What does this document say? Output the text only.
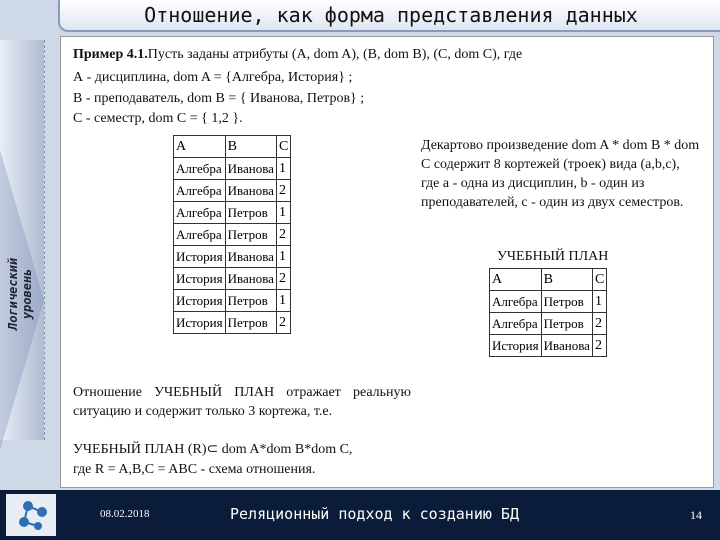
Отношение, как форма представления данных
Логический уровень
Пример 4.1.Пусть заданы атрибуты (A, dom A), (B, dom B), (C, dom C), где
А - дисциплина, dom A = {Алгебра, История} ;
B - преподаватель, dom B = { Иванова, Петров} ;
C - семестр, dom C = { 1,2 }.
A	B	C
Алгебра	Иванова	1
Алгебра	Иванова	2
Алгебра	Петров	1
Алгебра	Петров	2
История	Иванова	1
История	Иванова	2
История	Петров	1
История	Петров	2
Декартово произведение dom A * dom B * dom C содержит 8 кортежей (троек) вида (a,b,c), где а - одна из дисциплин, b - один из преподавателей, с - один из двух семестров.
УЧЕБНЫЙ ПЛАН
A	B	C
Алгебра	Петров	1
Алгебра	Петров	2
История	Иванова	2
Отношение УЧЕБНЫЙ ПЛАН отражает реальную ситуацию и содержит только 3 кортежа, т.е.
УЧЕБНЫЙ ПЛАН (R)⊂ dom A*dom B*dom C,
где R = A,B,C = ABC - схема отношения.
08.02.2018	Реляционный подход к созданию БД	14
